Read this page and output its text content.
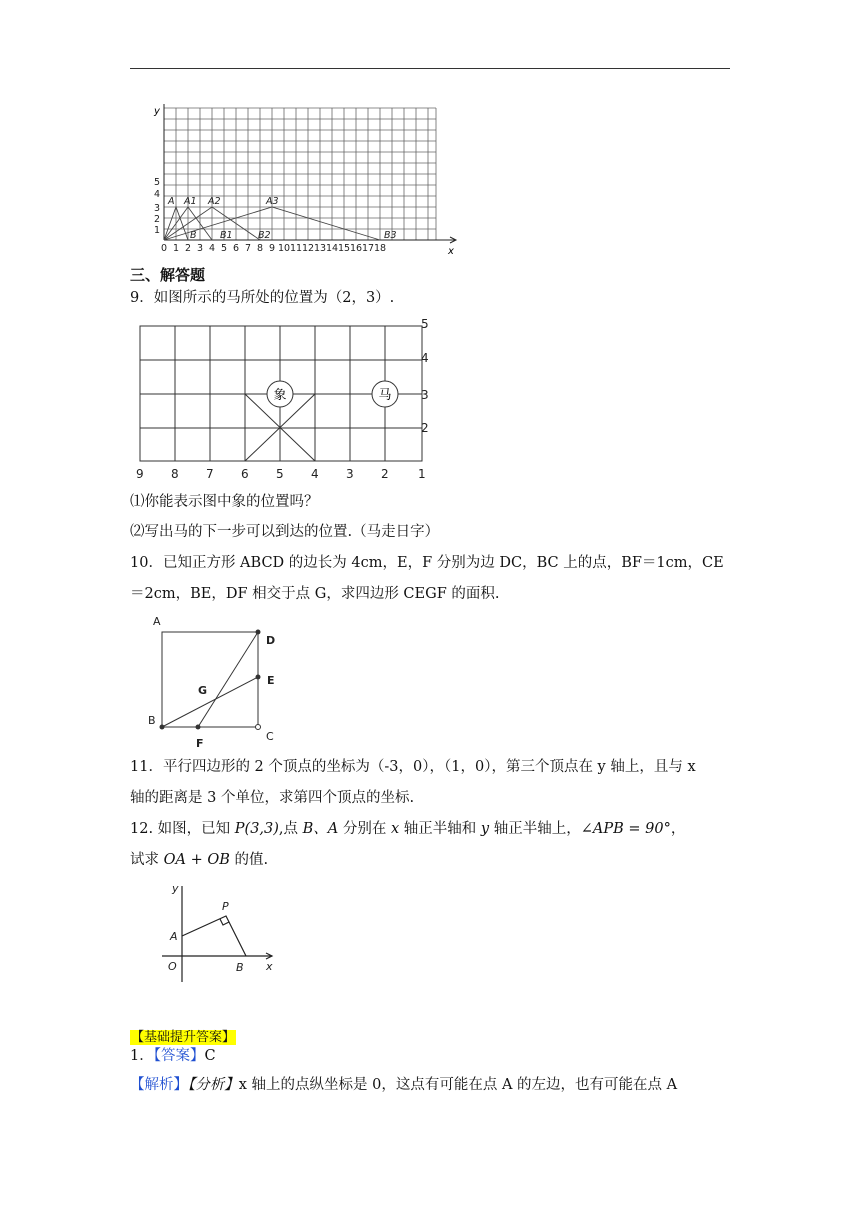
y
x
1
2
3
4
5
0 1 2 3 4 5 6 7 8 9 10 11 12 13 14 15 16 17 18
A A1 A2	A3
B B1	B2	B3
三、解答题
9．如图所示的马所处的位置为（2，3）.
9 8 7 6 5 4 3 2 1
5
4
3
2
象	马
⑴你能表示图中象的位置吗？
⑵写出马的下一步可以到达的位置.（马走日字）
10．已知正方形 ABCD 的边长为 4cm，E，F 分别为边 DC，BC 上的点，BF＝1cm，CE
＝2cm，BE，DF 相交于点 G，求四边形 CEGF 的面积.
A
D
E
G
B
C
F
11．平行四边形的 2 个顶点的坐标为（-3，0），（1，0），第三个顶点在 y 轴上，且与 x
轴的距离是 3 个单位，求第四个顶点的坐标.
12. 如图，已知 P(3,3),点 B、A 分别在 x 轴正半轴和 y 轴正半轴上，∠APB = 90°，
试求 OA + OB 的值.
y
x
A
P
O	B
【基础提升答案】
1．【答案】C
【解析】【分析】x 轴上的点纵坐标是 0，这点有可能在点 A 的左边，也有可能在点 A
